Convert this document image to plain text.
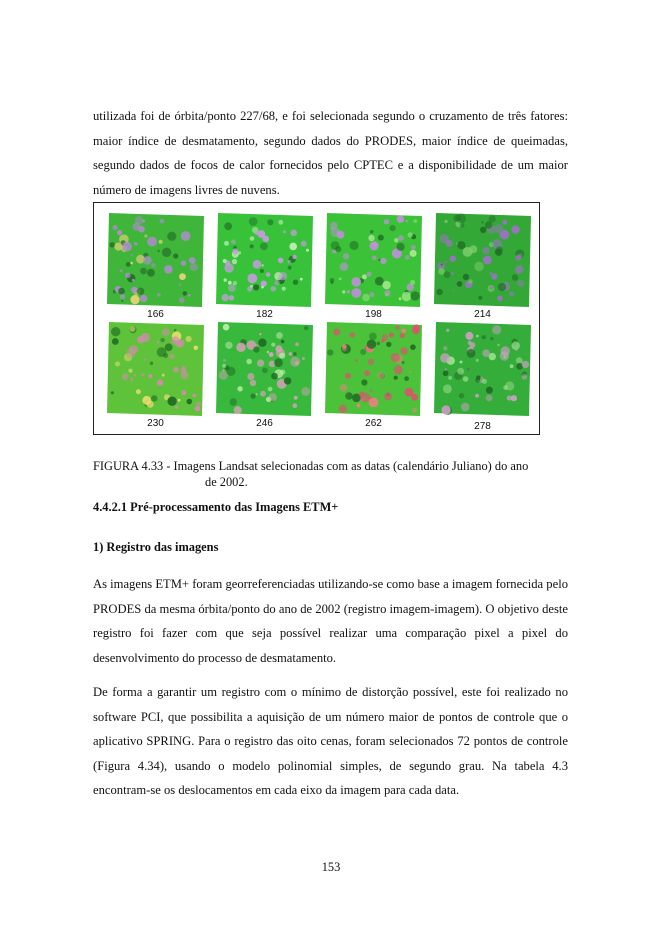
utilizada foi de órbita/ponto 227/68, e foi selecionada segundo o cruzamento de três fatores: maior índice de desmatamento, segundo dados do PRODES, maior índice de queimadas, segundo dados de focos de calor fornecidos pelo CPTEC e a disponibilidade de um maior número de imagens livres de nuvens.

166	182	198	214
230	246	262	278
FIGURA 4.33 - Imagens Landsat selecionadas com as datas (calendário Juliano) do ano
de 2002.

4.4.2.1 Pré-processamento das Imagens ETM+

1) Registro das imagens

As imagens ETM+ foram georreferenciadas utilizando-se como base a imagem fornecida pelo PRODES da mesma órbita/ponto do ano de 2002 (registro imagem-imagem). O objetivo deste registro foi fazer com que seja possível realizar uma comparação pixel a pixel do desenvolvimento do processo de desmatamento.

De forma a garantir um registro com o mínimo de distorção possível, este foi realizado no software PCI, que possibilita a aquisição de um número maior de pontos de controle que o aplicativo SPRING. Para o registro das oito cenas, foram selecionados 72 pontos de controle (Figura 4.34), usando o modelo polinomial simples, de segundo grau. Na tabela 4.3 encontram-se os deslocamentos em cada eixo da imagem para cada data.

153
